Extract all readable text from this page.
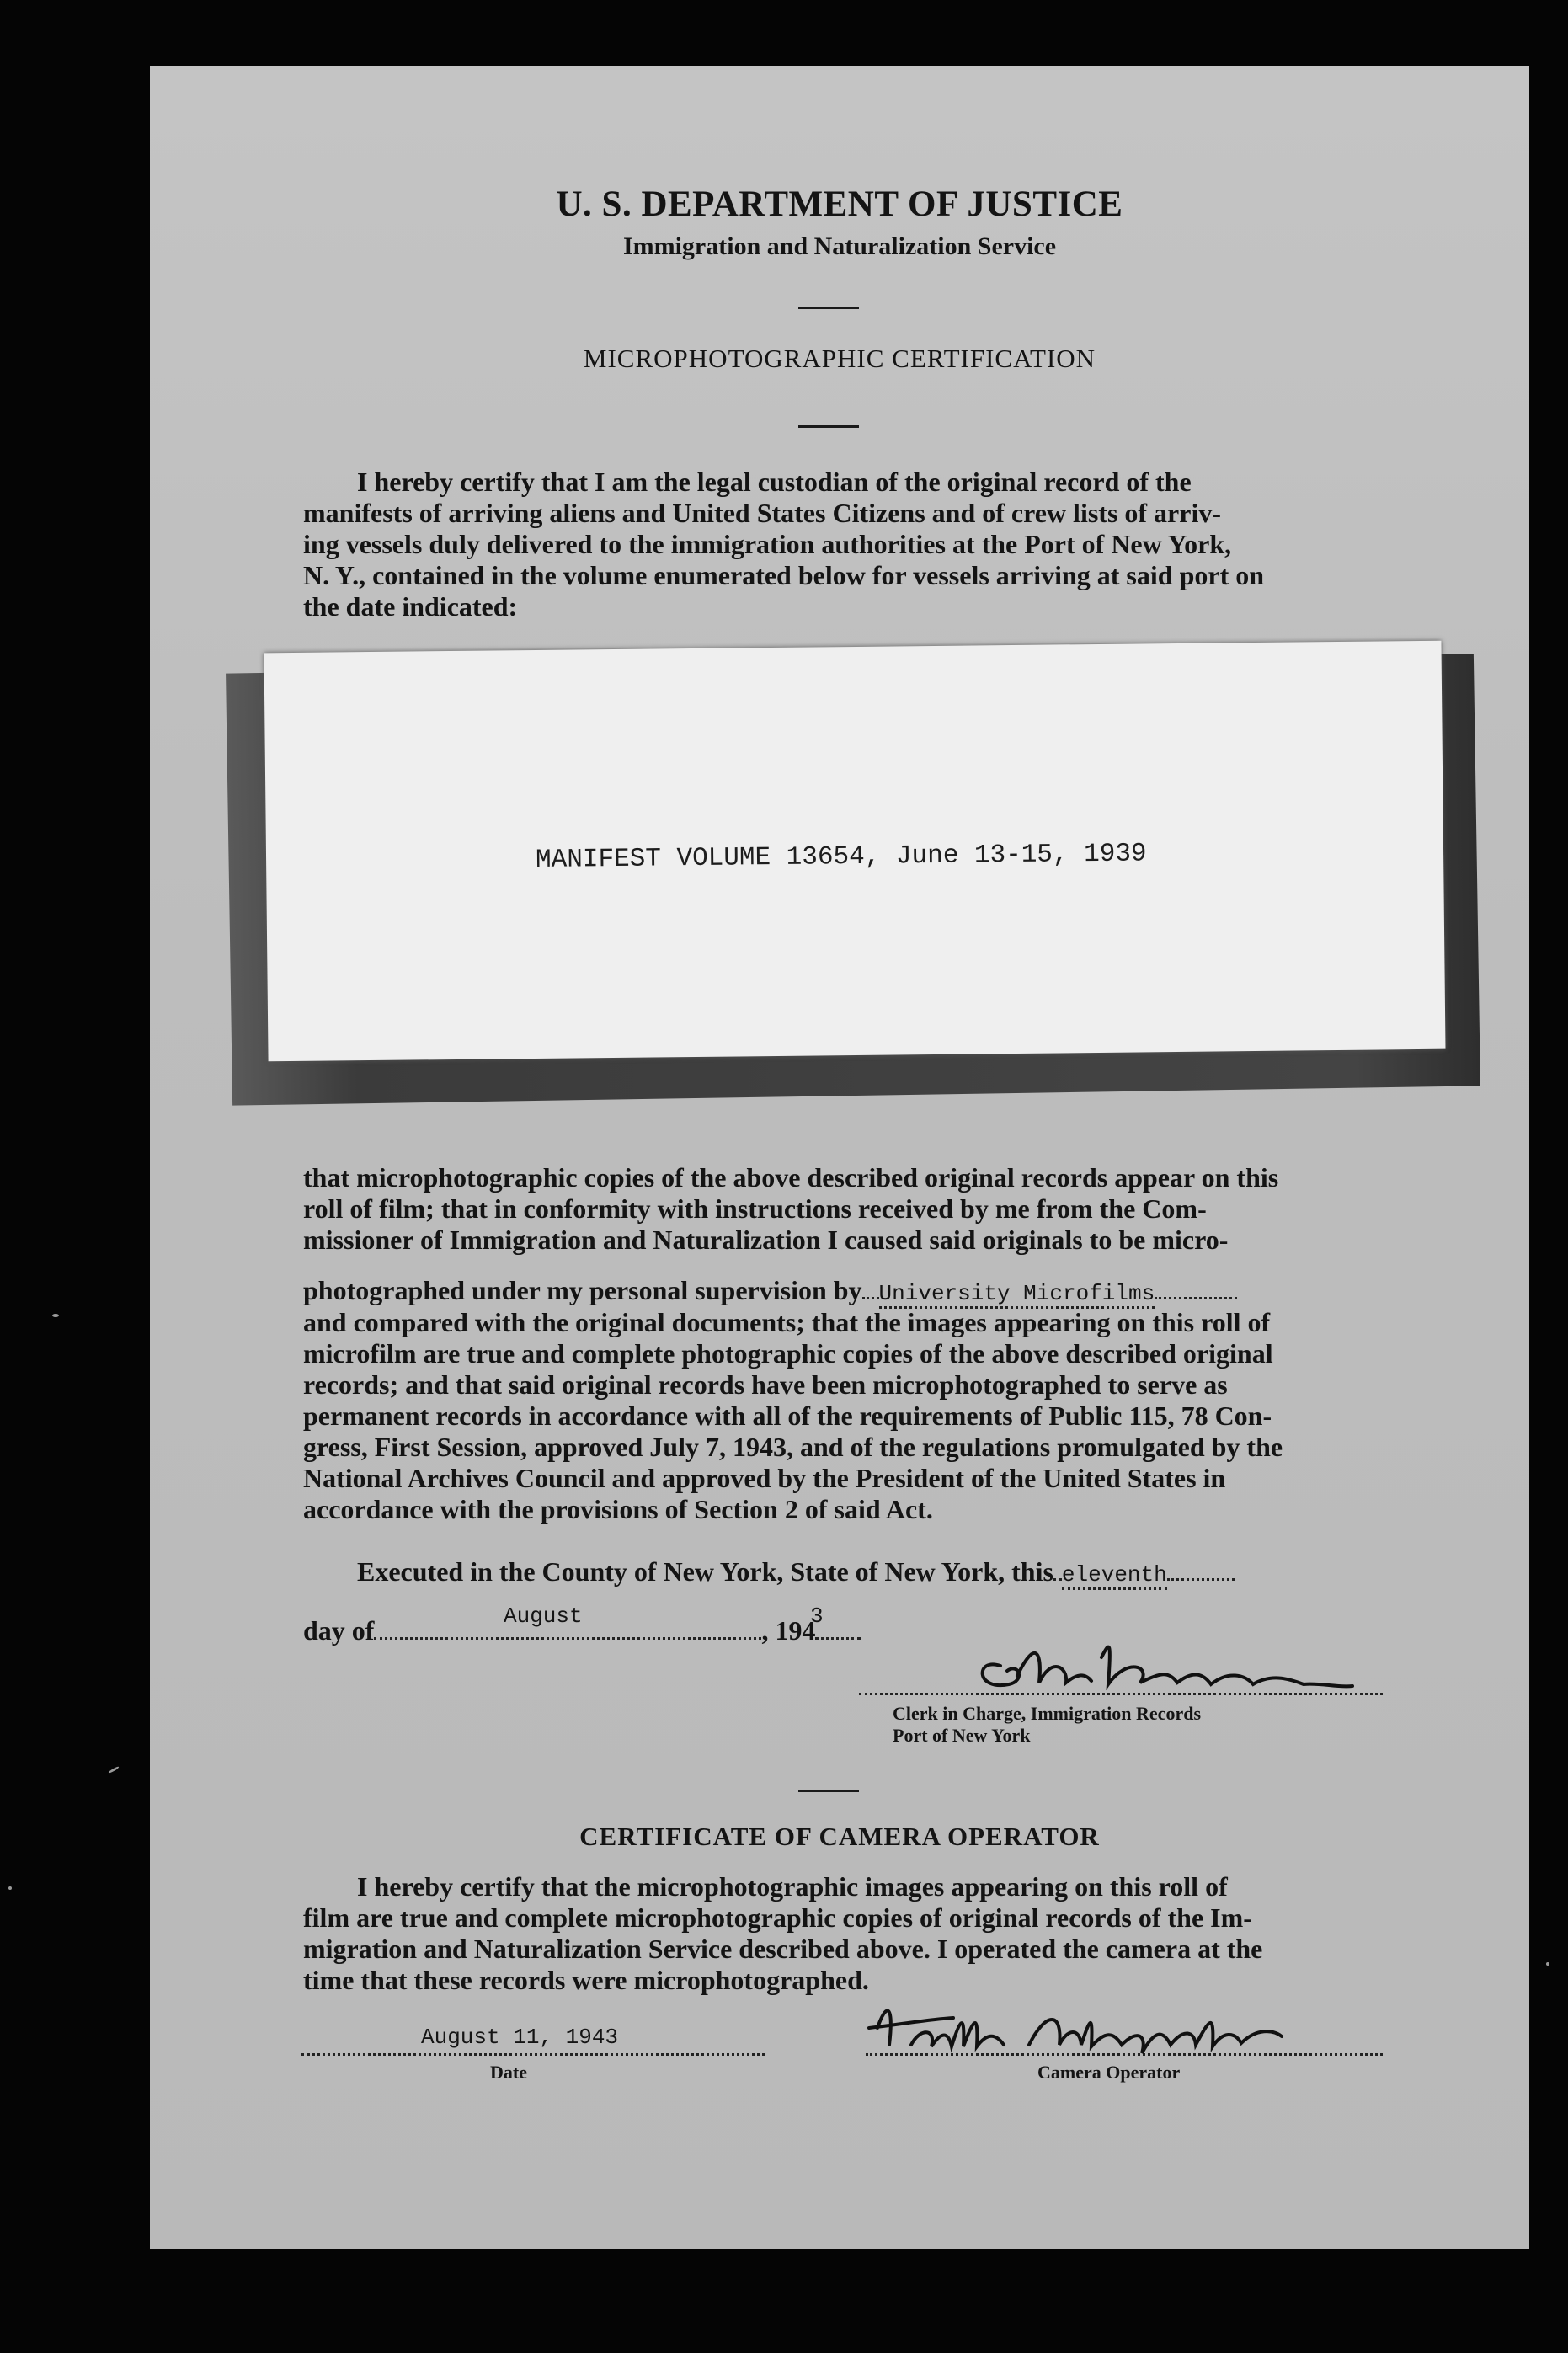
U. S. DEPARTMENT OF JUSTICE
Immigration and Naturalization Service
MICROPHOTOGRAPHIC CERTIFICATION
I hereby certify that I am the legal custodian of the original record of the
manifests of arriving aliens and United States Citizens and of crew lists of arriv-
ing vessels duly delivered to the immigration authorities at the Port of New York,
N. Y., contained in the volume enumerated below for vessels arriving at said port on
the date indicated:
MANIFEST VOLUME 13654, June 13-15, 1939
that microphotographic copies of the above described original records appear on this
roll of film; that in conformity with instructions received by me from the Com-
missioner of Immigration and Naturalization I caused said originals to be micro-
photographed under my personal supervision by University Microfilms
and compared with the original documents; that the images appearing on this roll of
microfilm are true and complete photographic copies of the above described original
records; and that said original records have been microphotographed to serve as
permanent records in accordance with all of the requirements of Public 115, 78 Con-
gress, First Session, approved July 7, 1943, and of the regulations promulgated by the
National Archives Council and approved by the President of the United States in
accordance with the provisions of Section 2 of said Act.
Executed in the County of New York, State of New York, this eleventh
day of	, 194
August	3
Clerk in Charge, Immigration Records
Port of New York
CERTIFICATE OF CAMERA OPERATOR
I hereby certify that the microphotographic images appearing on this roll of
film are true and complete microphotographic copies of original records of the Im-
migration and Naturalization Service described above. I operated the camera at the
time that these records were microphotographed.
August 11, 1943
Date	Camera Operator
